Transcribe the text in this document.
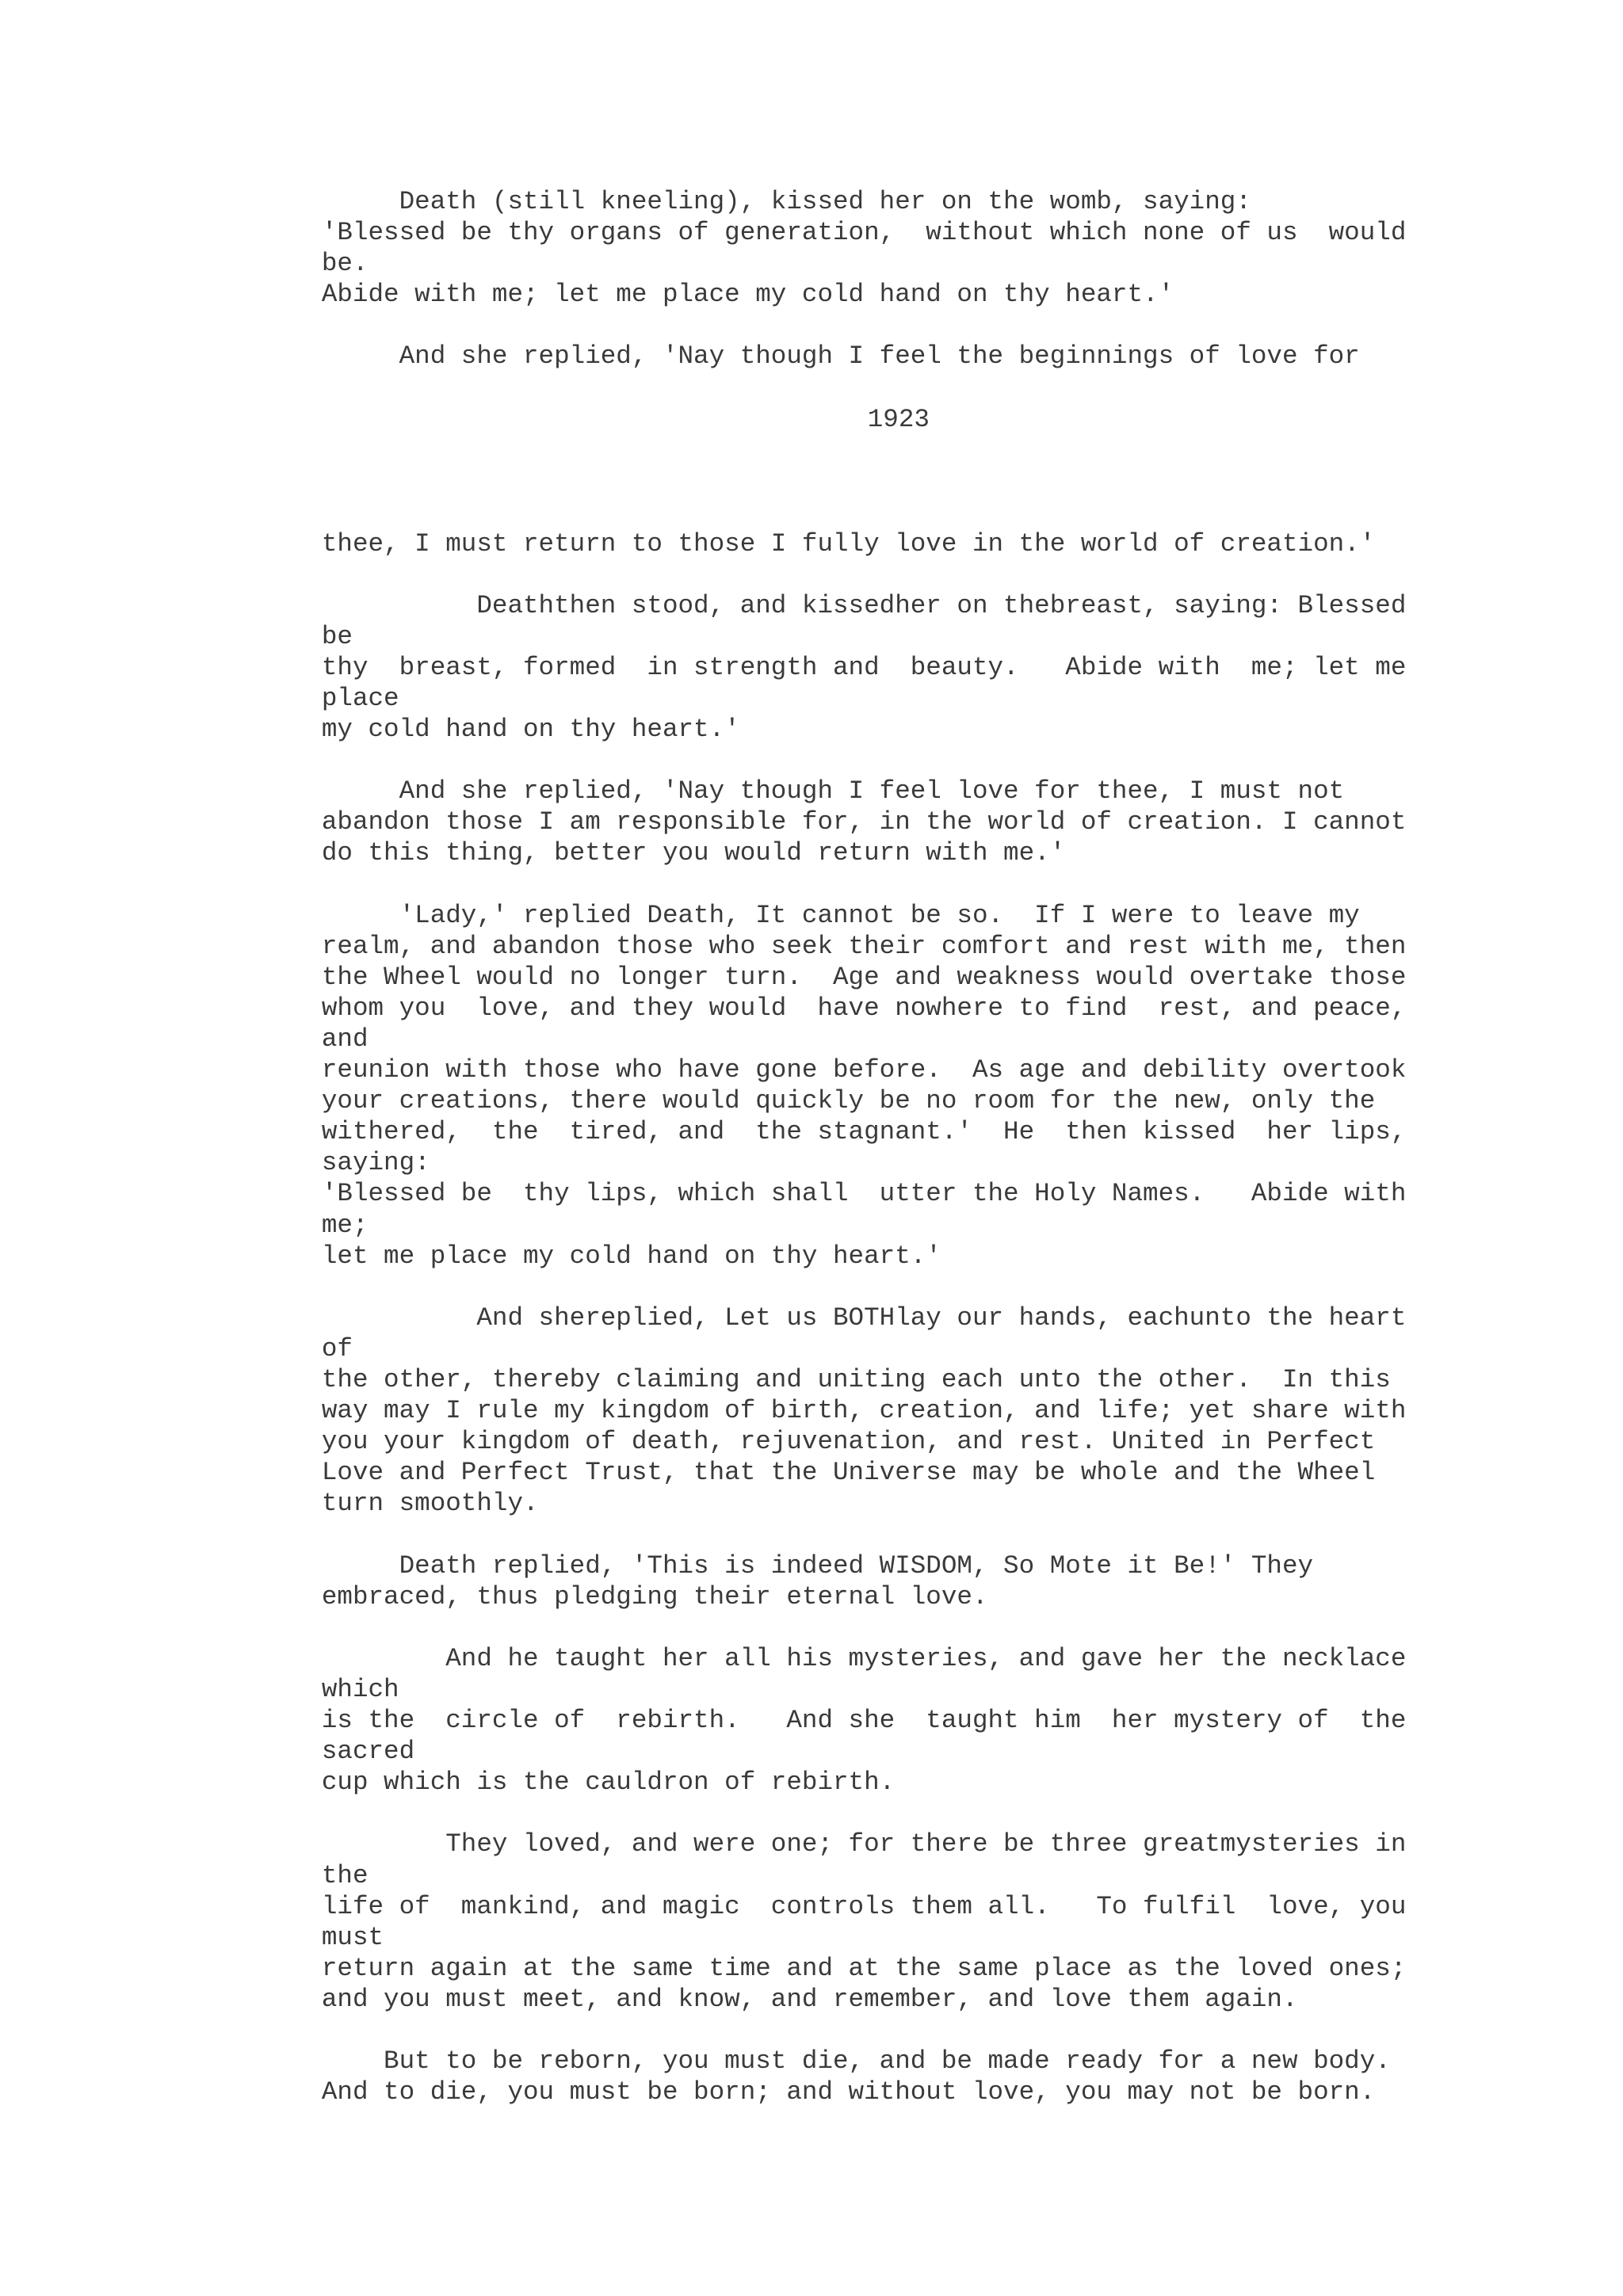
Death (still kneeling), kissed her on the womb, saying:
'Blessed be thy organs of generation,  without which none of us  would
be.
Abide with me; let me place my cold hand on thy heart.'

And she replied, 'Nay though I feel the beginnings of love for
1923
thee, I must return to those I fully love in the world of creation.'

Deaththen stood, and kissedher on thebreast, saying: Blessed
be
thy  breast, formed  in strength and  beauty.   Abide with  me; let me
place
my cold hand on thy heart.'

And she replied, 'Nay though I feel love for thee, I must not
abandon those I am responsible for, in the world of creation. I cannot
do this thing, better you would return with me.'

'Lady,' replied Death, It cannot be so.  If I were to leave my
realm, and abandon those who seek their comfort and rest with me, then
the Wheel would no longer turn.  Age and weakness would overtake those
whom you  love, and they would  have nowhere to find  rest, and peace,
and
reunion with those who have gone before.  As age and debility overtook
your creations, there would quickly be no room for the new, only the
withered,  the  tired, and  the stagnant.'  He  then kissed  her lips,
saying:
'Blessed be  thy lips, which shall  utter the Holy Names.   Abide with
me;
let me place my cold hand on thy heart.'

And shereplied, Let us BOTHlay our hands, eachunto the heart
of
the other, thereby claiming and uniting each unto the other.  In this
way may I rule my kingdom of birth, creation, and life; yet share with
you your kingdom of death, rejuvenation, and rest. United in Perfect
Love and Perfect Trust, that the Universe may be whole and the Wheel
turn smoothly.

Death replied, 'This is indeed WISDOM, So Mote it Be!' They
embraced, thus pledging their eternal love.

And he taught her all his mysteries, and gave her the necklace
which
is the  circle of  rebirth.   And she  taught him  her mystery of  the
sacred
cup which is the cauldron of rebirth.

They loved, and were one; for there be three greatmysteries in
the
life of  mankind, and magic  controls them all.   To fulfil  love, you
must
return again at the same time and at the same place as the loved ones;
and you must meet, and know, and remember, and love them again.

But to be reborn, you must die, and be made ready for a new body.
And to die, you must be born; and without love, you may not be born.
